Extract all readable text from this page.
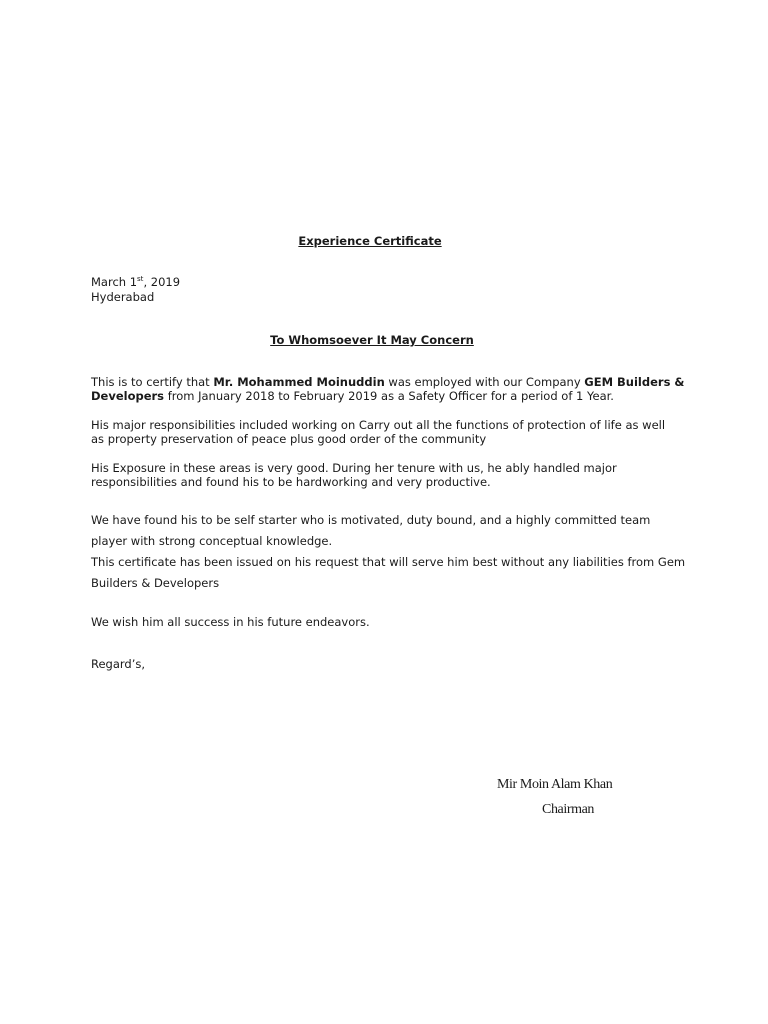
Experience Certificate
March 1st, 2019
Hyderabad
To Whomsoever It May Concern
This is to certify that Mr. Mohammed Moinuddin was employed with our Company GEM Builders &
Developers from January 2018 to February 2019 as a Safety Officer for a period of 1 Year.
His major responsibilities included working on Carry out all the functions of protection of life as well
as property preservation of peace plus good order of the community
His Exposure in these areas is very good. During her tenure with us, he ably handled major
responsibilities and found his to be hardworking and very productive.
We have found his to be self starter who is motivated, duty bound, and a highly committed team
player with strong conceptual knowledge.
This certificate has been issued on his request that will serve him best without any liabilities from Gem
Builders & Developers
We wish him all success in his future endeavors.
Regard’s,
Mir Moin Alam Khan
Chairman
